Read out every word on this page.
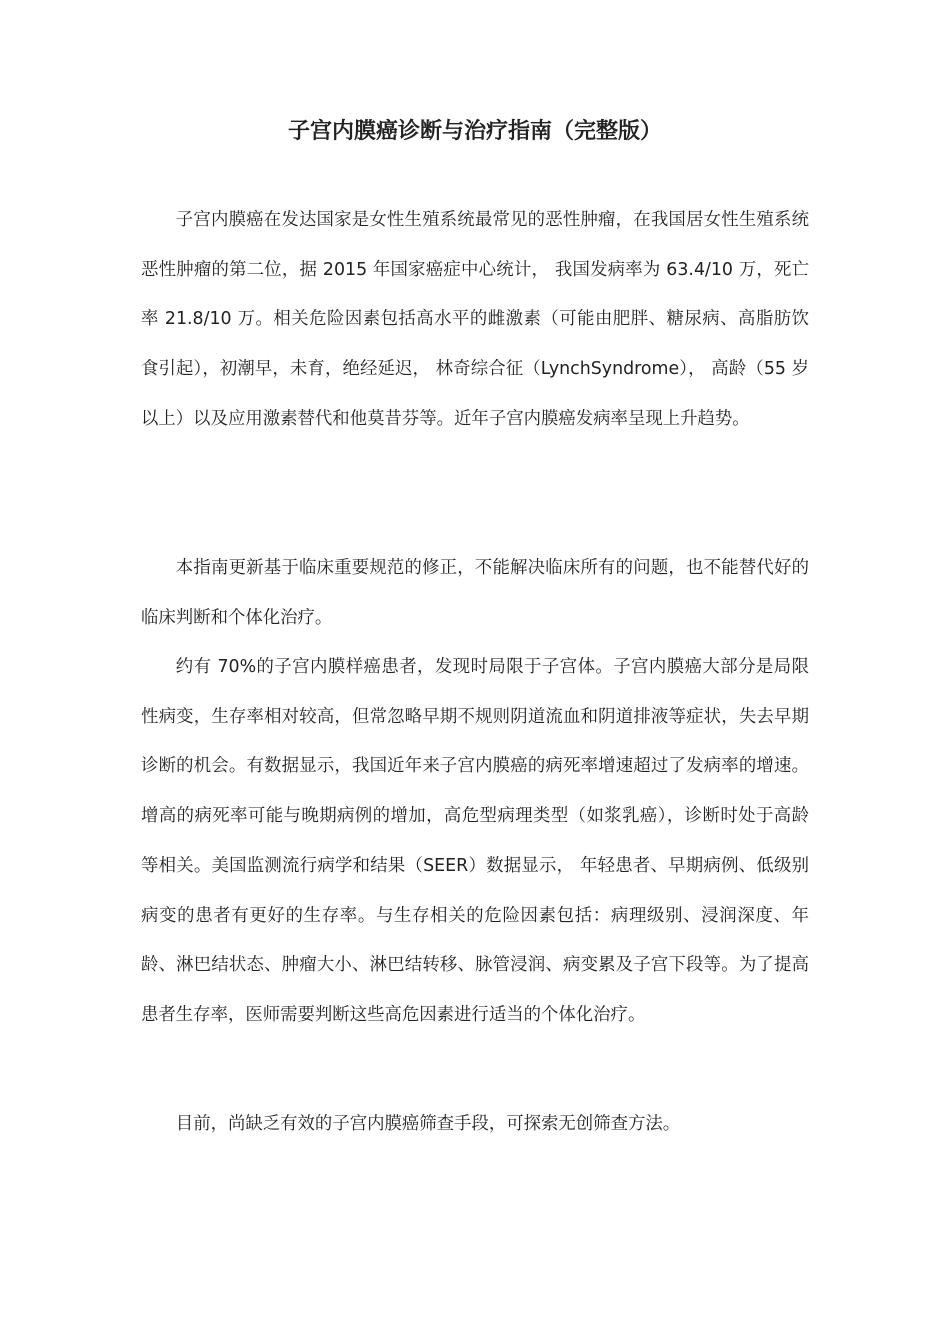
子宫内膜癌诊断与治疗指南（完整版）

子宫内膜癌在发达国家是女性生殖系统最常见的恶性肿瘤，在我国居女性生殖系统恶性肿瘤的第二位，据 2015 年国家癌症中心统计， 我国发病率为 63.4/10 万，死亡率 21.8/10 万。相关危险因素包括高水平的雌激素（可能由肥胖、糖尿病、高脂肪饮食引起），初潮早，未育，绝经延迟， 林奇综合征（LynchSyndrome）， 高龄（55 岁以上）以及应用激素替代和他莫昔芬等。近年子宫内膜癌发病率呈现上升趋势。

本指南更新基于临床重要规范的修正，不能解决临床所有的问题，也不能替代好的临床判断和个体化治疗。

约有 70%的子宫内膜样癌患者，发现时局限于子宫体。子宫内膜癌大部分是局限性病变，生存率相对较高，但常忽略早期不规则阴道流血和阴道排液等症状，失去早期诊断的机会。有数据显示，我国近年来子宫内膜癌的病死率增速超过了发病率的增速。增高的病死率可能与晚期病例的增加，高危型病理类型（如浆乳癌），诊断时处于高龄等相关。美国监测流行病学和结果（SEER）数据显示， 年轻患者、早期病例、低级别病变的患者有更好的生存率。与生存相关的危险因素包括：病理级别、浸润深度、年龄、淋巴结状态、肿瘤大小、淋巴结转移、脉管浸润、病变累及子宫下段等。为了提高患者生存率，医师需要判断这些高危因素进行适当的个体化治疗。

目前，尚缺乏有效的子宫内膜癌筛查手段，可探索无创筛查方法。
